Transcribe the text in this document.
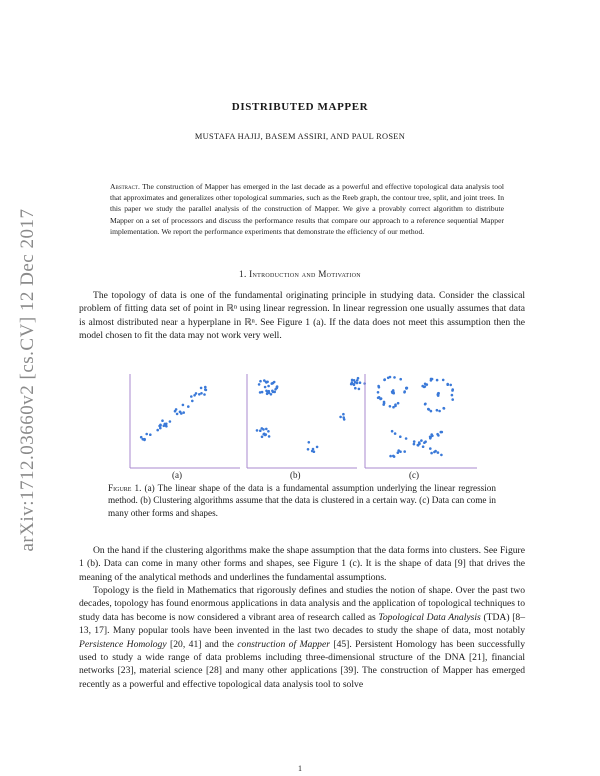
arXiv:1712.03660v2 [cs.CV] 12 Dec 2017
DISTRIBUTED MAPPER
MUSTAFA HAJIJ, BASEM ASSIRI, AND PAUL ROSEN
Abstract. The construction of Mapper has emerged in the last decade as a powerful and effective topological data analysis tool that approximates and generalizes other topological summaries, such as the Reeb graph, the contour tree, split, and joint trees. In this paper we study the parallel analysis of the construction of Mapper. We give a provably correct algorithm to distribute Mapper on a set of processors and discuss the performance results that compare our approach to a reference sequential Mapper implementation. We report the performance experiments that demonstrate the efficiency of our method.
1. Introduction and Motivation
The topology of data is one of the fundamental originating principle in studying data. Consider the classical problem of fitting data set of point in ℝⁿ using linear regression. In linear regression one usually assumes that data is almost distributed near a hyperplane in ℝⁿ. See Figure 1 (a). If the data does not meet this assumption then the model chosen to fit the data may not work very well.
(a)	(b)	(c)
Figure 1. (a) The linear shape of the data is a fundamental assumption underlying the linear regression method. (b) Clustering algorithms assume that the data is clustered in a certain way. (c) Data can come in many other forms and shapes.
On the hand if the clustering algorithms make the shape assumption that the data forms into clusters. See Figure 1 (b). Data can come in many other forms and shapes, see Figure 1 (c). It is the shape of data [9] that drives the meaning of the analytical methods and underlines the fundamental assumptions.
Topology is the field in Mathematics that rigorously defines and studies the notion of shape. Over the past two decades, topology has found enormous applications in data analysis and the application of topological techniques to study data has become is now considered a vibrant area of research called as Topological Data Analysis (TDA) [8–13, 17]. Many popular tools have been invented in the last two decades to study the shape of data, most notably Persistence Homology [20, 41] and the construction of Mapper [45]. Persistent Homology has been successfully used to study a wide range of data problems including three-dimensional structure of the DNA [21], financial networks [23], material science [28] and many other applications [39]. The construction of Mapper has emerged recently as a powerful and effective topological data analysis tool to solve
1
